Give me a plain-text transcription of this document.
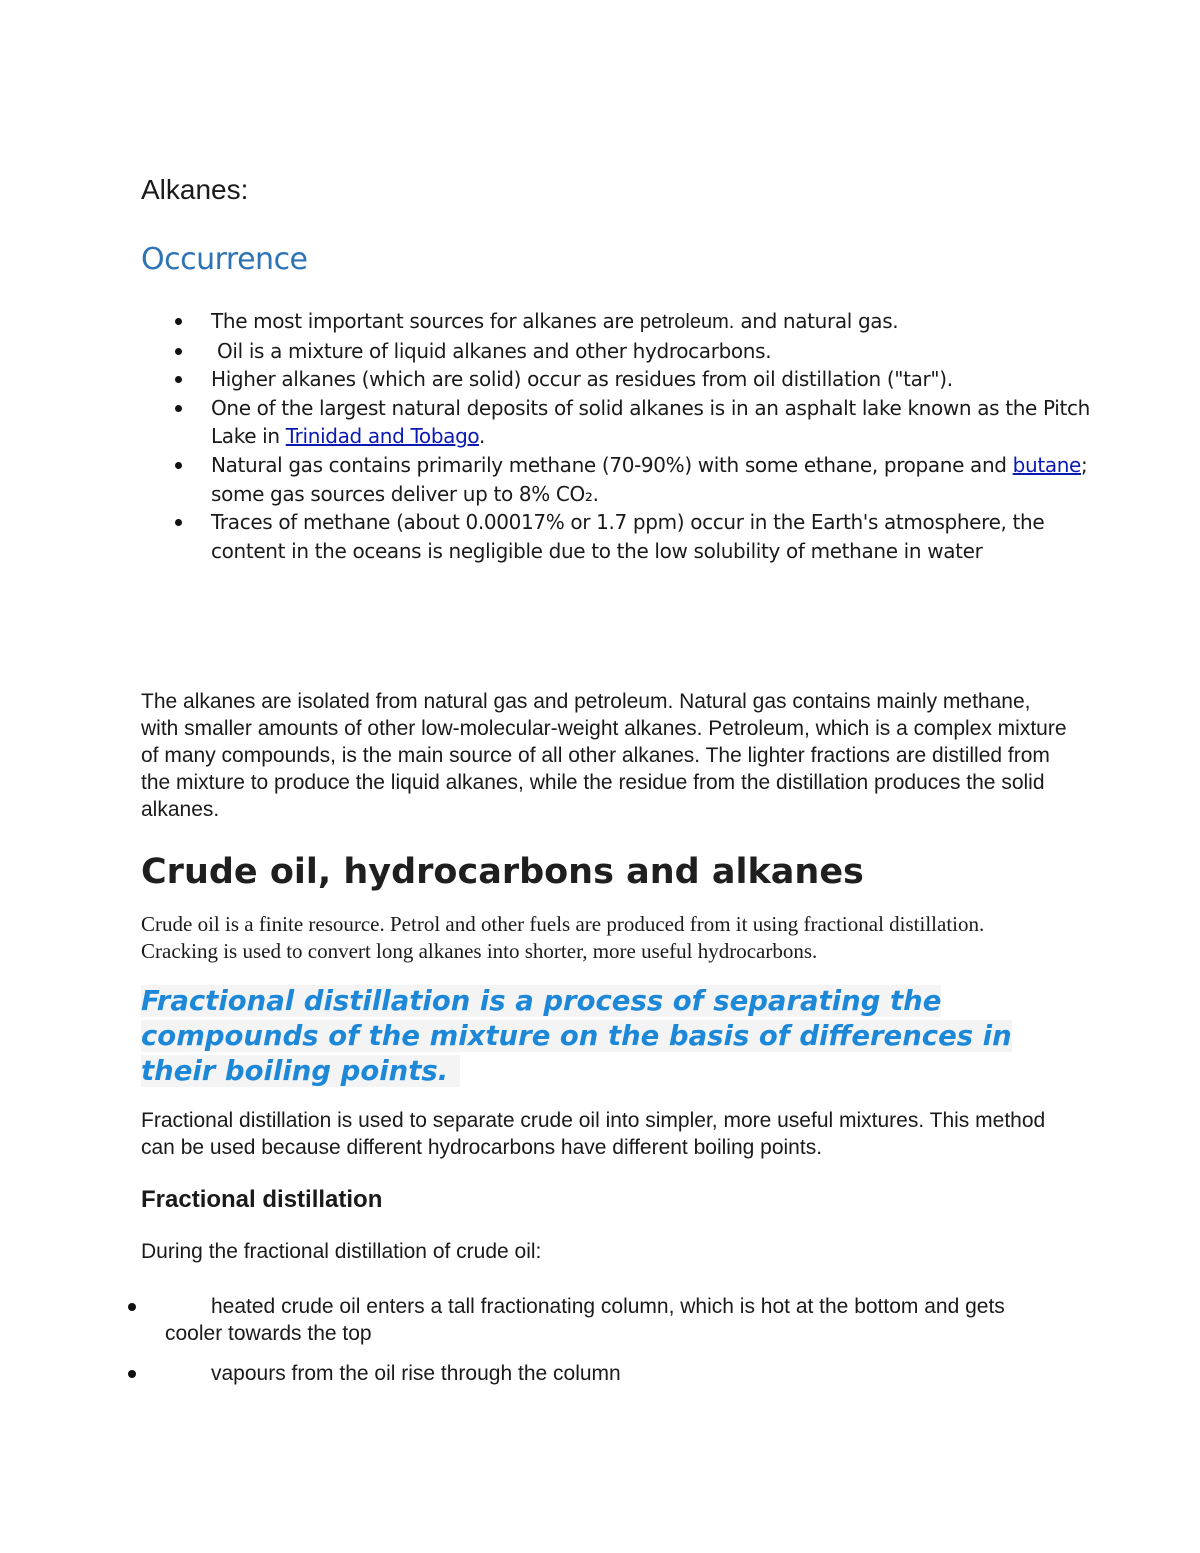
Alkanes:
Occurrence
The most important sources for alkanes are petroleum. and natural gas.
Oil is a mixture of liquid alkanes and other hydrocarbons.
Higher alkanes (which are solid) occur as residues from oil distillation ("tar").
One of the largest natural deposits of solid alkanes is in an asphalt lake known as the Pitch Lake in Trinidad and Tobago.
Natural gas contains primarily methane (70-90%) with some ethane, propane and butane; some gas sources deliver up to 8% CO₂.
Traces of methane (about 0.00017% or 1.7 ppm) occur in the Earth's atmosphere, the content in the oceans is negligible due to the low solubility of methane in water

The alkanes are isolated from natural gas and petroleum. Natural gas contains mainly methane, with smaller amounts of other low-molecular-weight alkanes. Petroleum, which is a complex mixture of many compounds, is the main source of all other alkanes. The lighter fractions are distilled from the mixture to produce the liquid alkanes, while the residue from the distillation produces the solid alkanes.

Crude oil, hydrocarbons and alkanes

Crude oil is a finite resource. Petrol and other fuels are produced from it using fractional distillation. Cracking is used to convert long alkanes into shorter, more useful hydrocarbons.

Fractional distillation is a process of separating the compounds of the mixture on the basis of differences in their boiling points.

Fractional distillation is used to separate crude oil into simpler, more useful mixtures. This method can be used because different hydrocarbons have different boiling points.

Fractional distillation

During the fractional distillation of crude oil:

heated crude oil enters a tall fractionating column, which is hot at the bottom and gets cooler towards the top
vapours from the oil rise through the column
